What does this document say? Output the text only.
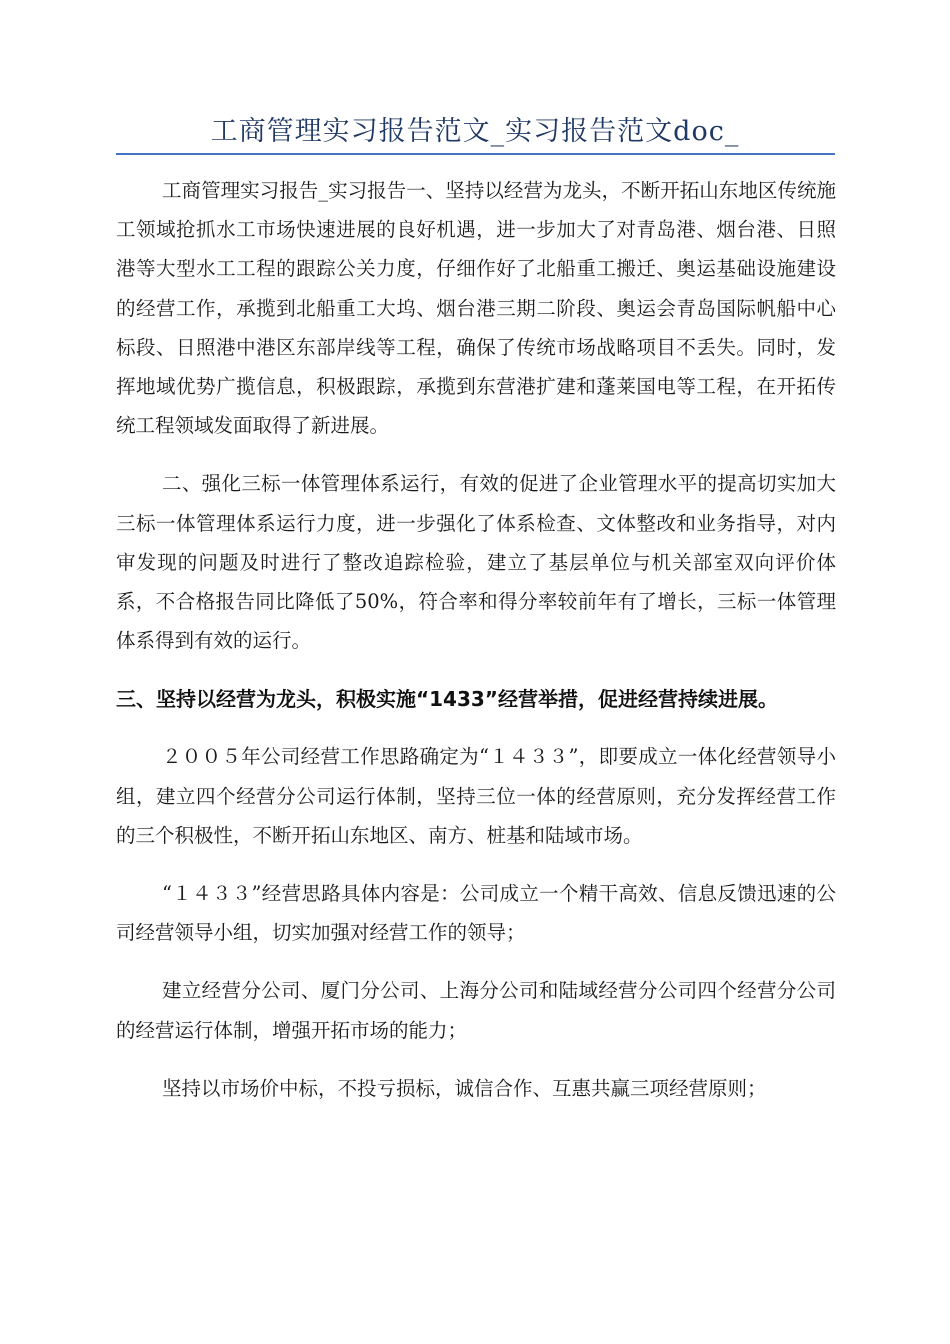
工商管理实习报告范文_实习报告范文doc_

工商管理实习报告_实习报告一、坚持以经营为龙头，不断开拓山东地区传统施工领域抢抓水工市场快速进展的良好机遇，进一步加大了对青岛港、烟台港、日照港等大型水工工程的跟踪公关力度，仔细作好了北船重工搬迁、奥运基础设施建设的经营工作，承揽到北船重工大坞、烟台港三期二阶段、奥运会青岛国际帆船中心标段、日照港中港区东部岸线等工程，确保了传统市场战略项目不丢失。同时，发挥地域优势广揽信息，积极跟踪，承揽到东营港扩建和蓬莱国电等工程，在开拓传统工程领域发面取得了新进展。

二、强化三标一体管理体系运行，有效的促进了企业管理水平的提高切实加大三标一体管理体系运行力度，进一步强化了体系检查、文体整改和业务指导，对内审发现的问题及时进行了整改追踪检验，建立了基层单位与机关部室双向评价体系，不合格报告同比降低了50%，符合率和得分率较前年有了增长，三标一体管理体系得到有效的运行。

三、坚持以经营为龙头，积极实施“1433”经营举措，促进经营持续进展。

２００５年公司经营工作思路确定为“１４３３”，即要成立一体化经营领导小组，建立四个经营分公司运行体制，坚持三位一体的经营原则，充分发挥经营工作的三个积极性，不断开拓山东地区、南方、桩基和陆域市场。

“１４３３”经营思路具体内容是：公司成立一个精干高效、信息反馈迅速的公司经营领导小组，切实加强对经营工作的领导；

建立经营分公司、厦门分公司、上海分公司和陆域经营分公司四个经营分公司的经营运行体制，增强开拓市场的能力；

坚持以市场价中标，不投亏损标，诚信合作、互惠共赢三项经营原则；
